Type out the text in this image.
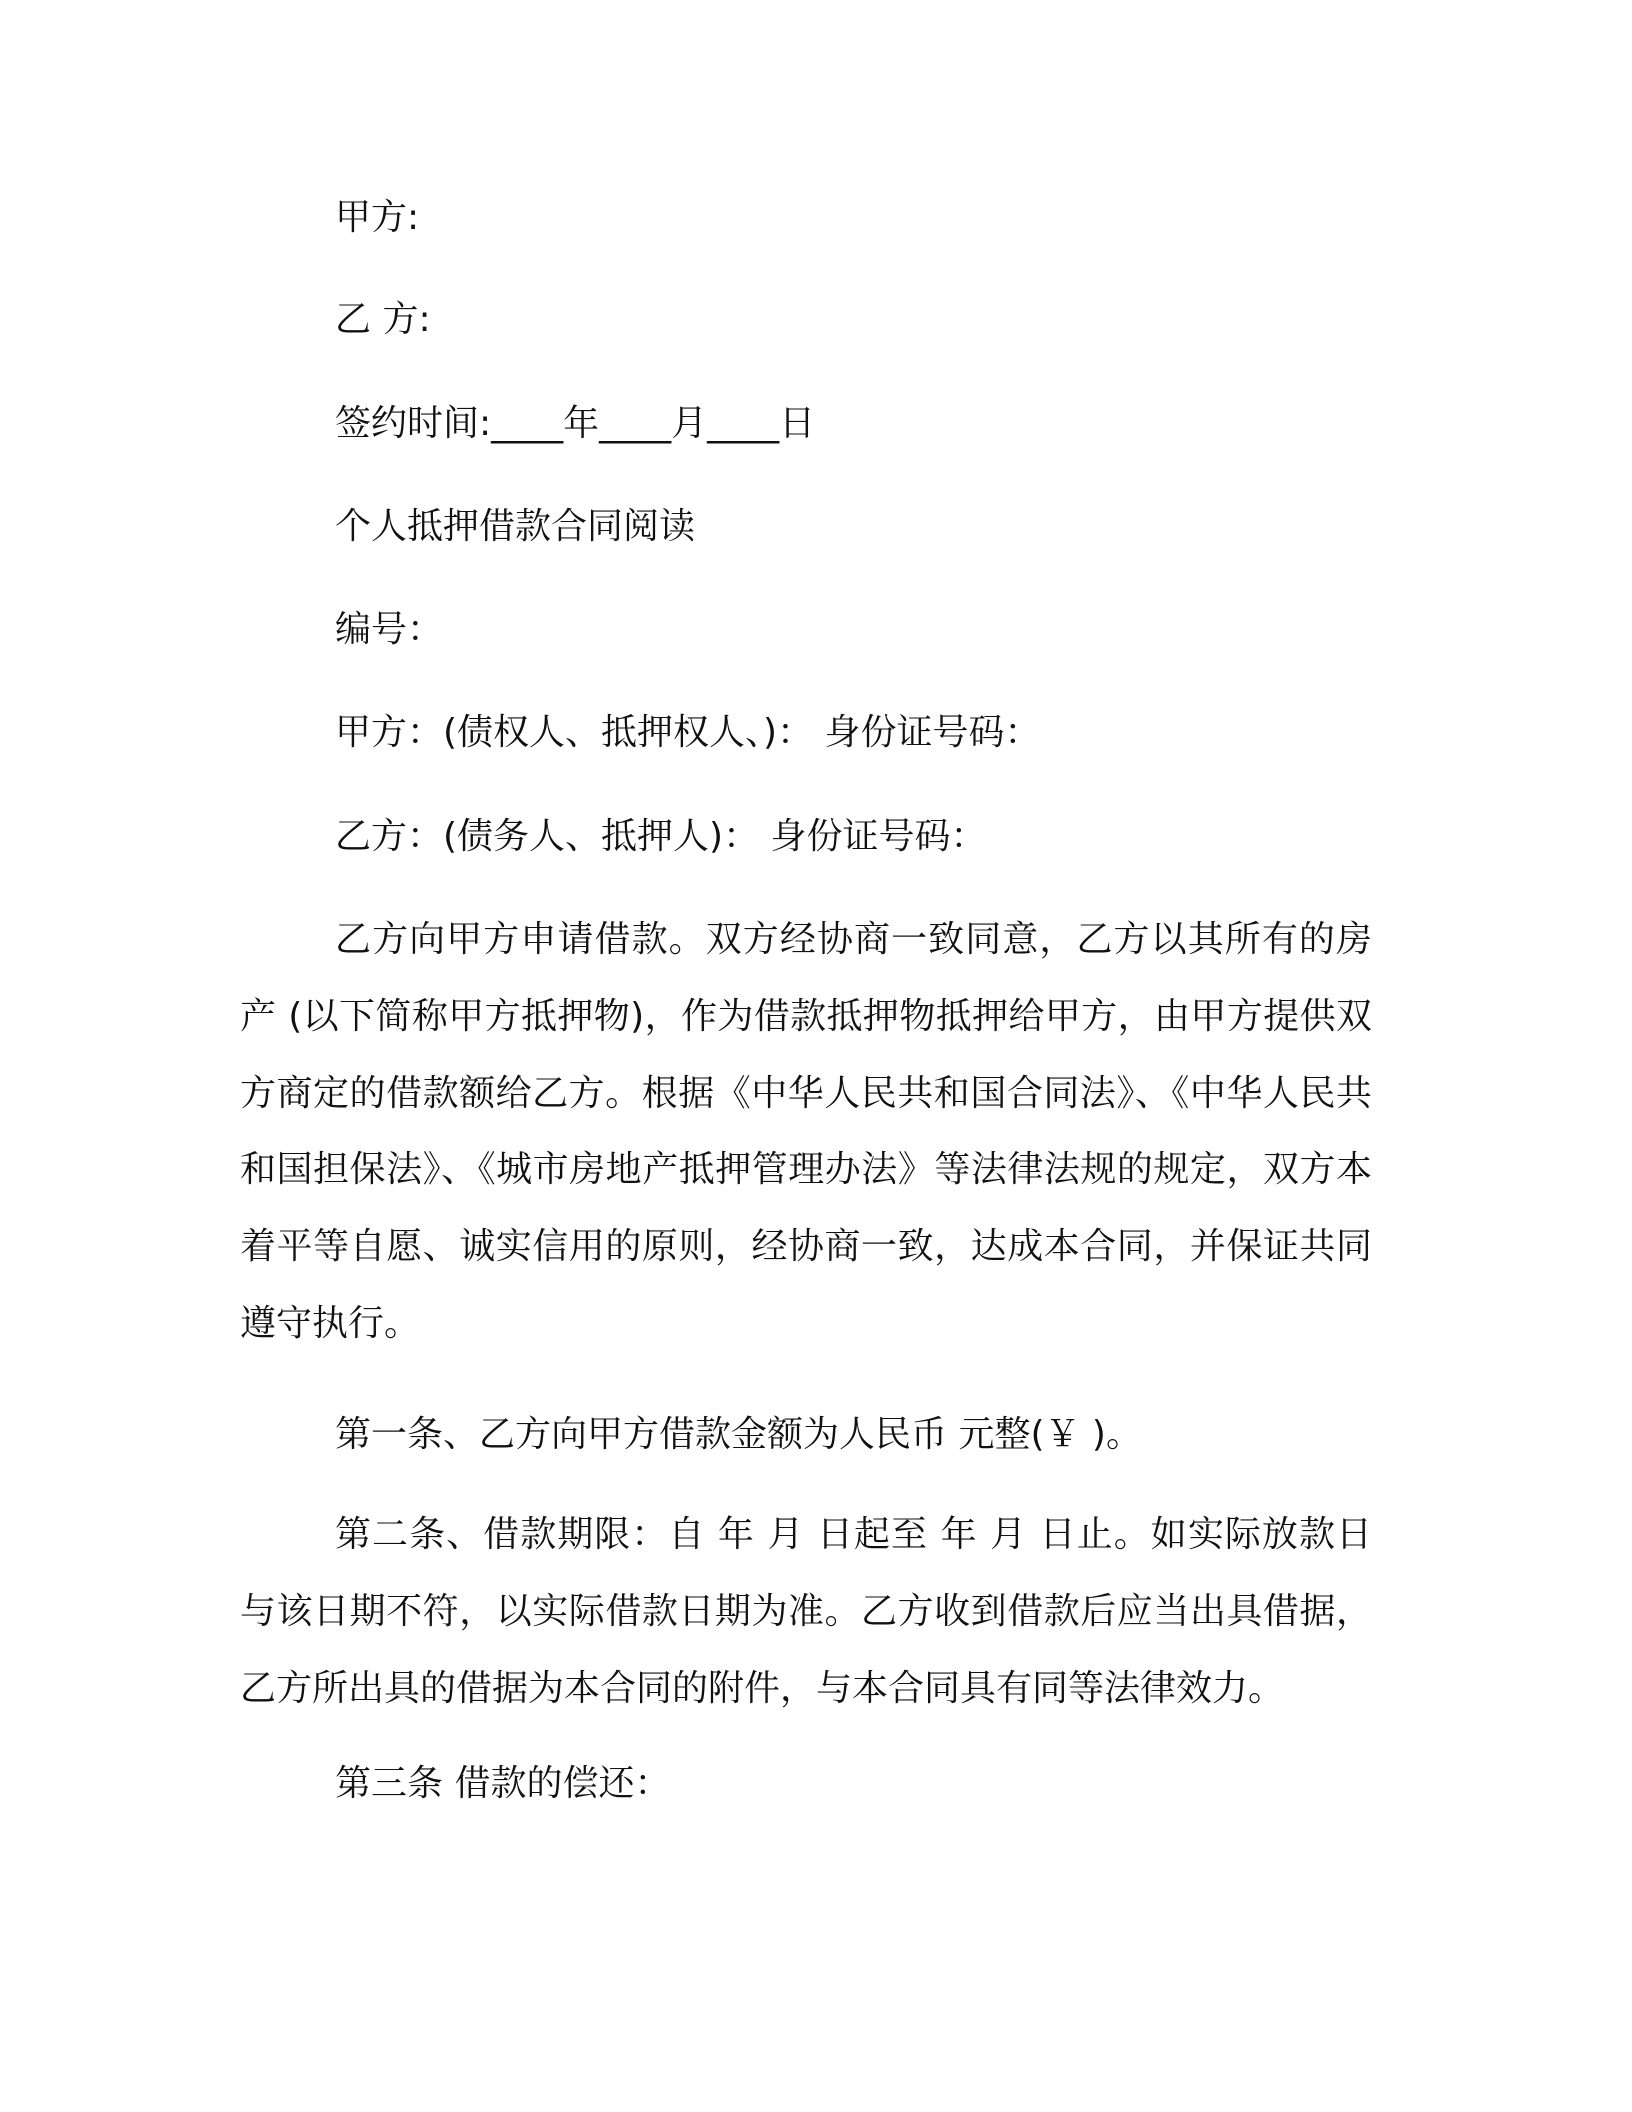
甲方:
乙 方:
签约时间:____年____月____日
个人抵押借款合同阅读
编号：
甲方：(债权人、抵押权人、)： 身份证号码：
乙方：(债务人、抵押人)： 身份证号码：

乙方向甲方申请借款。双方经协商一致同意，乙方以其所有的房产 (以下简称甲方抵押物)，作为借款抵押物抵押给甲方，由甲方提供双方商定的借款额给乙方。根据《中华人民共和国合同法》、《中华人民共和国担保法》、《城市房地产抵押管理办法》等法律法规的规定，双方本着平等自愿、诚实信用的原则，经协商一致，达成本合同，并保证共同遵守执行。

第一条、乙方向甲方借款金额为人民币 元整(￥ )。

第二条、借款期限：自 年 月 日起至 年 月 日止。如实际放款日与该日期不符，以实际借款日期为准。乙方收到借款后应当出具借据，乙方所出具的借据为本合同的附件，与本合同具有同等法律效力。

第三条 借款的偿还：
